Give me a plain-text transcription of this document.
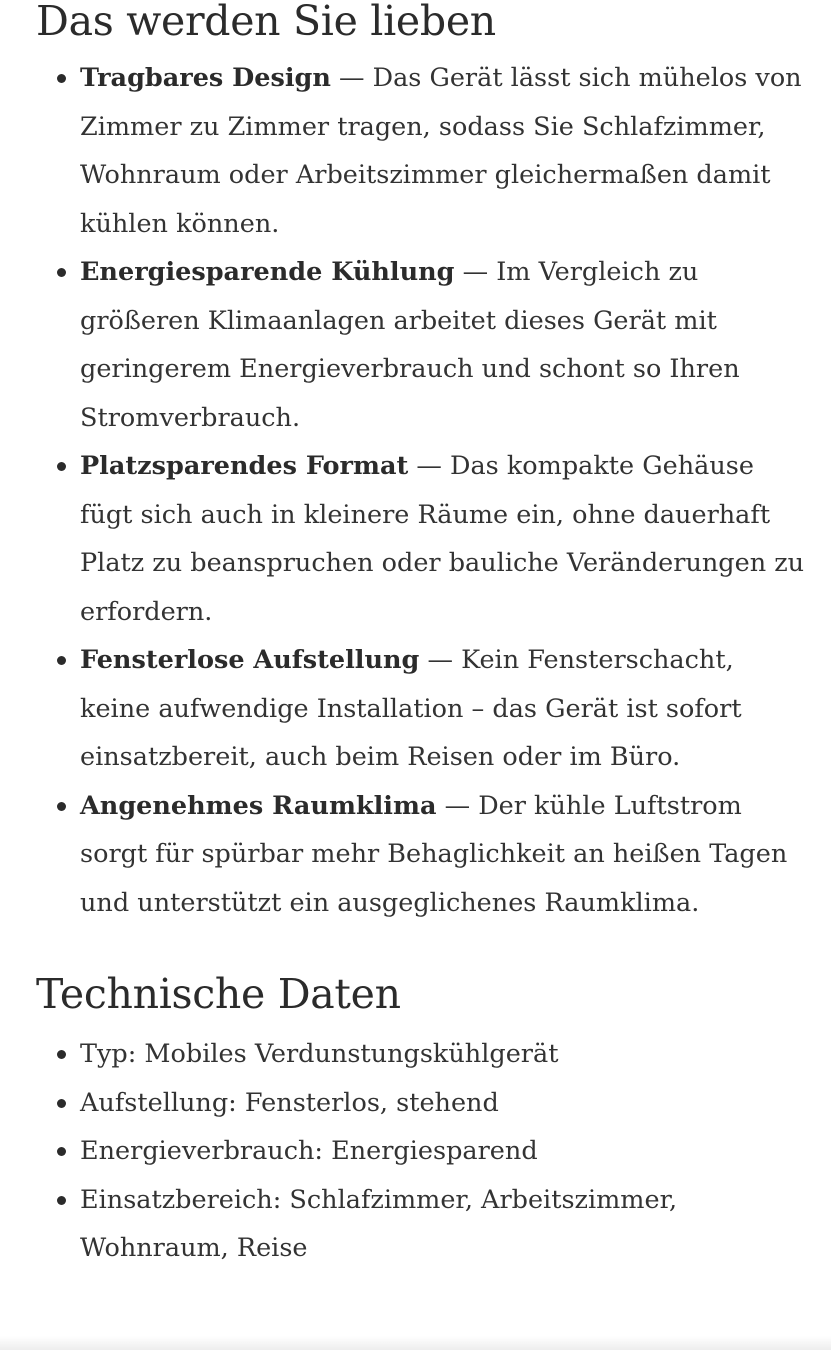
Das werden Sie lieben
Tragbares Design — Das Gerät lässt sich mühelos von Zimmer zu Zimmer tragen, sodass Sie Schlafzimmer, Wohnraum oder Arbeitszimmer gleichermaßen damit kühlen können.
Energiesparende Kühlung — Im Vergleich zu größeren Klimaanlagen arbeitet dieses Gerät mit geringerem Energieverbrauch und schont so Ihren Stromverbrauch.
Platzsparendes Format — Das kompakte Gehäuse fügt sich auch in kleinere Räume ein, ohne dauerhaft Platz zu beanspruchen oder bauliche Veränderungen zu erfordern.
Fensterlose Aufstellung — Kein Fensterschacht, keine aufwendige Installation – das Gerät ist sofort einsatzbereit, auch beim Reisen oder im Büro.
Angenehmes Raumklima — Der kühle Luftstrom sorgt für spürbar mehr Behaglichkeit an heißen Tagen und unterstützt ein ausgeglichenes Raumklima.
Technische Daten
Typ: Mobiles Verdunstungskühlgerät
Aufstellung: Fensterlos, stehend
Energieverbrauch: Energiesparend
Einsatzbereich: Schlafzimmer, Arbeitszimmer, Wohnraum, Reise
